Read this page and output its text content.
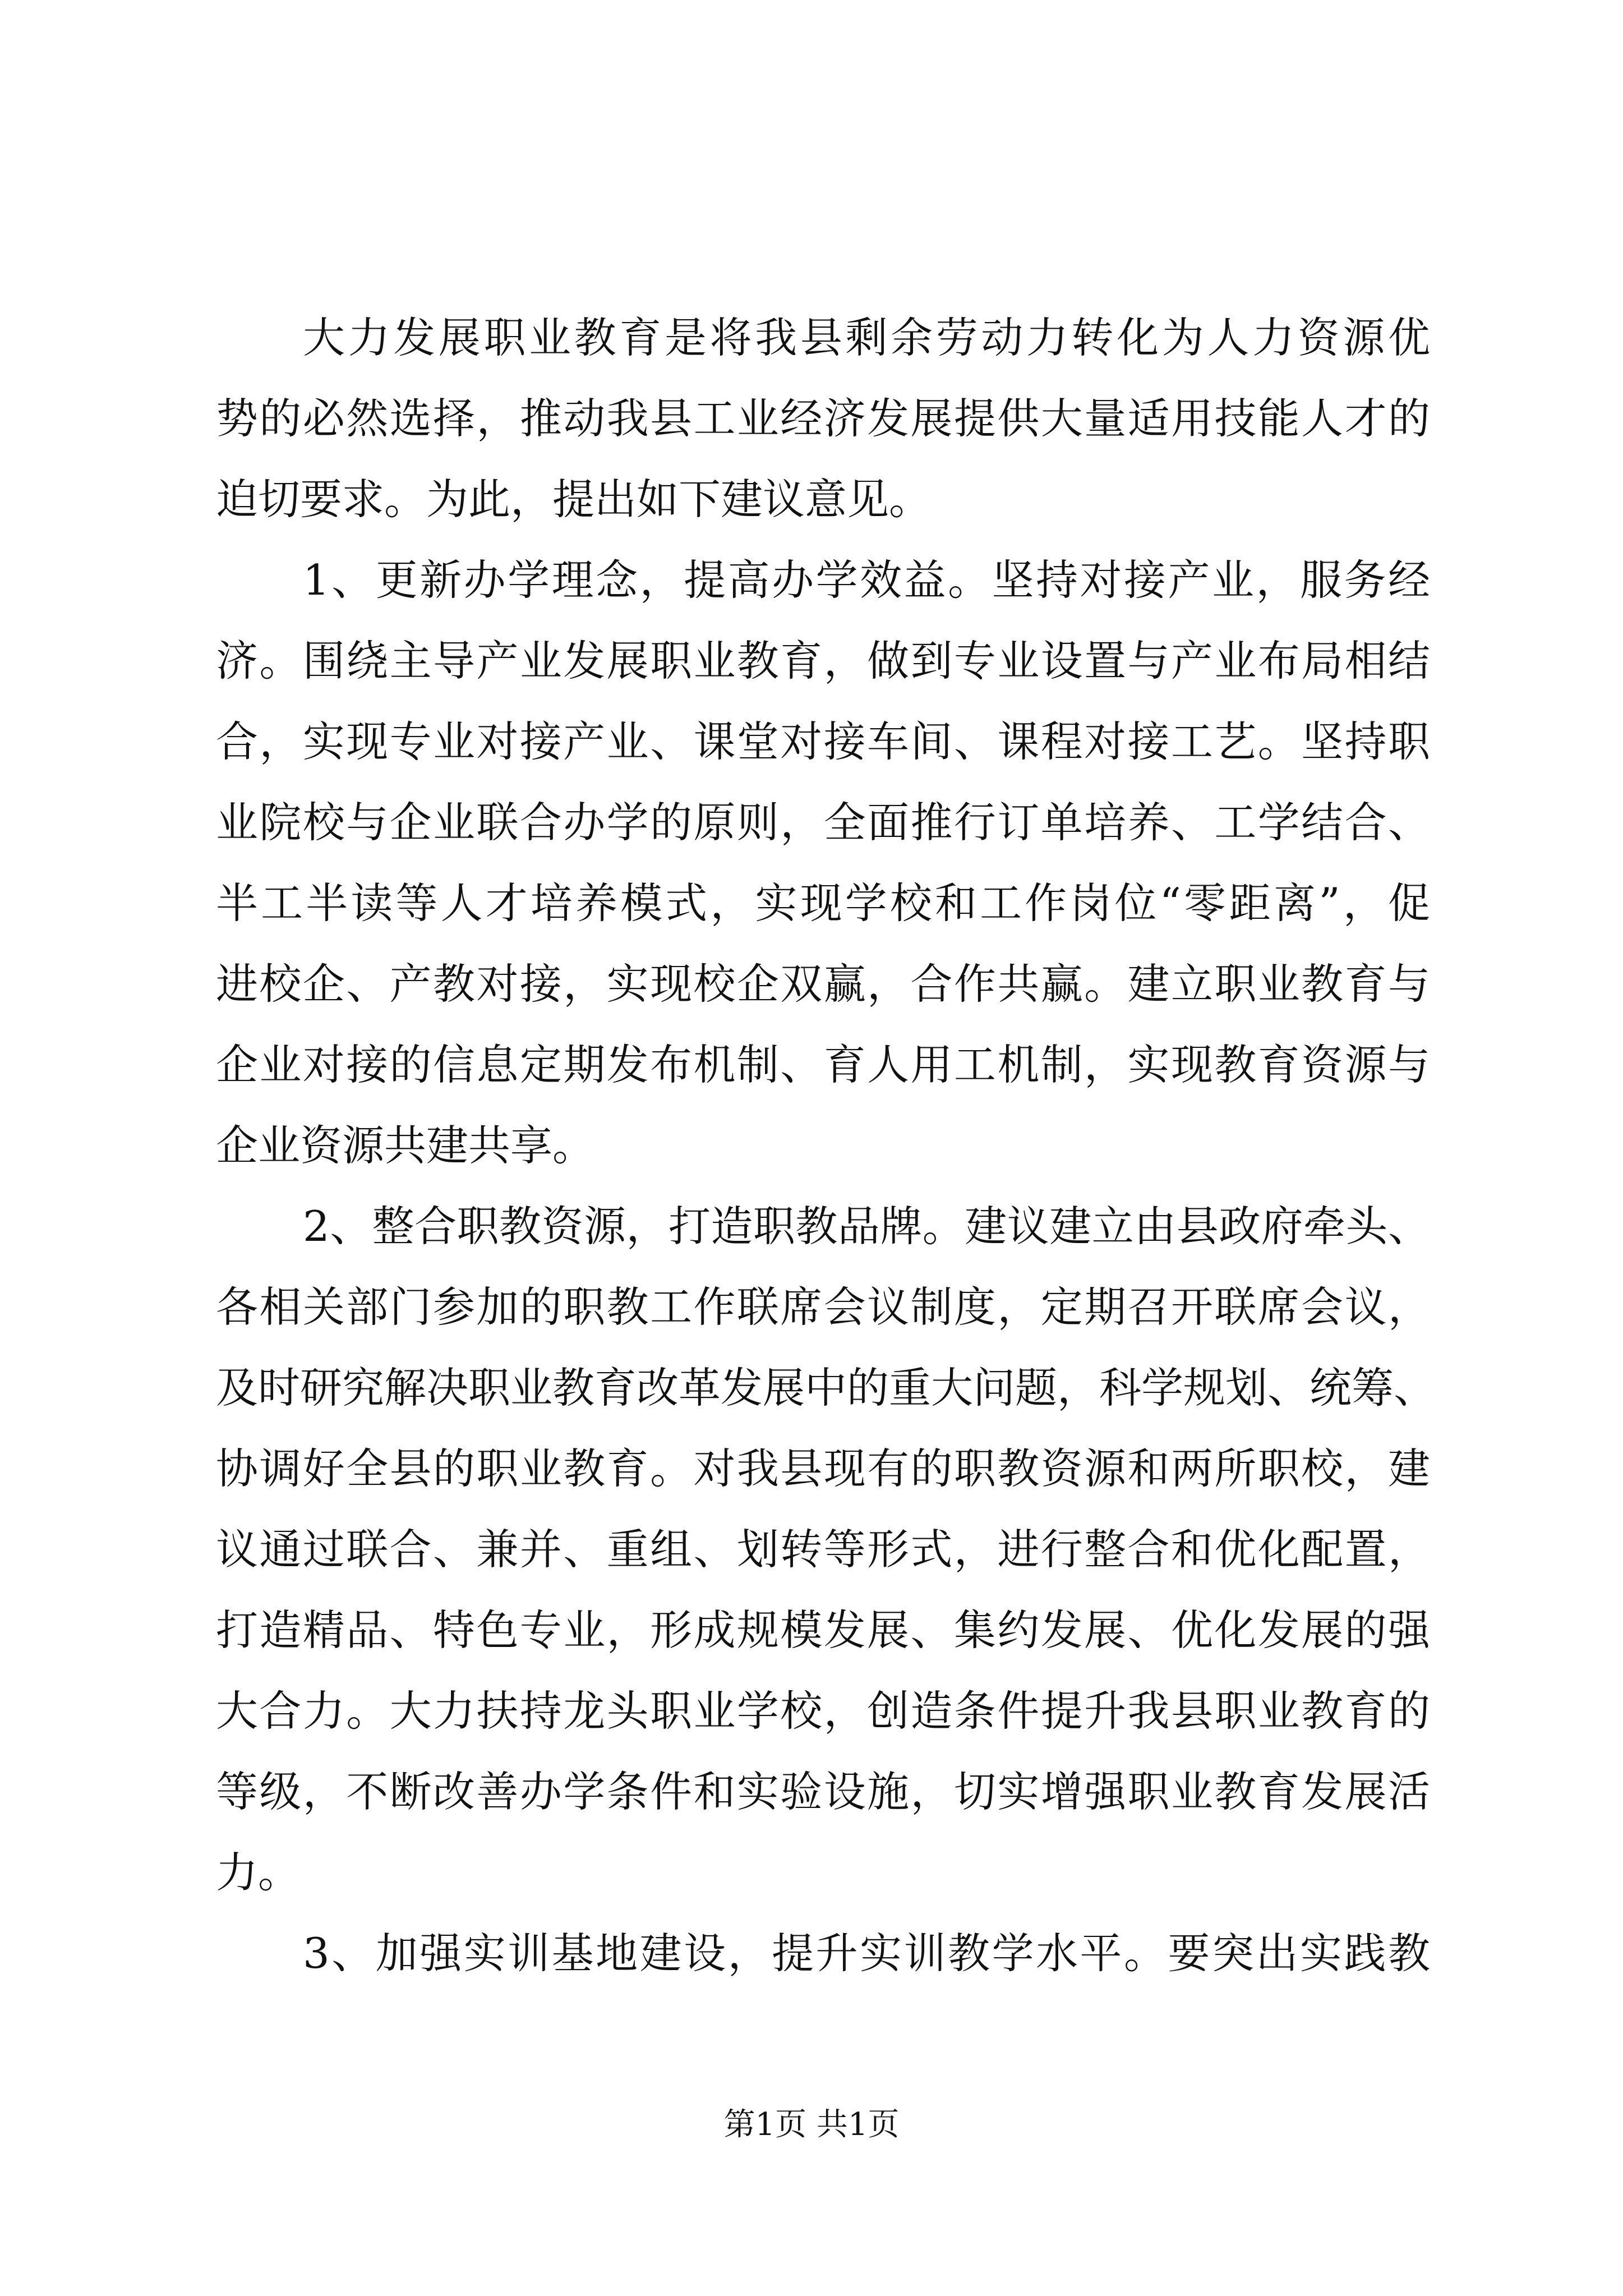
大力发展职业教育是将我县剩余劳动力转化为人力资源优
势的必然选择，推动我县工业经济发展提供大量适用技能人才的
迫切要求。为此，提出如下建议意见。
1、更新办学理念，提高办学效益。坚持对接产业，服务经
济。围绕主导产业发展职业教育，做到专业设置与产业布局相结
合，实现专业对接产业、课堂对接车间、课程对接工艺。坚持职
业院校与企业联合办学的原则，全面推行订单培养、工学结合、
半工半读等人才培养模式，实现学校和工作岗位“零距离”，促
进校企、产教对接，实现校企双赢，合作共赢。建立职业教育与
企业对接的信息定期发布机制、育人用工机制，实现教育资源与
企业资源共建共享。
2、整合职教资源，打造职教品牌。建议建立由县政府牵头、
各相关部门参加的职教工作联席会议制度，定期召开联席会议，
及时研究解决职业教育改革发展中的重大问题，科学规划、统筹、
协调好全县的职业教育。对我县现有的职教资源和两所职校，建
议通过联合、兼并、重组、划转等形式，进行整合和优化配置，
打造精品、特色专业，形成规模发展、集约发展、优化发展的强
大合力。大力扶持龙头职业学校，创造条件提升我县职业教育的
等级，不断改善办学条件和实验设施，切实增强职业教育发展活
力。
3、加强实训基地建设，提升实训教学水平。要突出实践教
第1页 共1页
